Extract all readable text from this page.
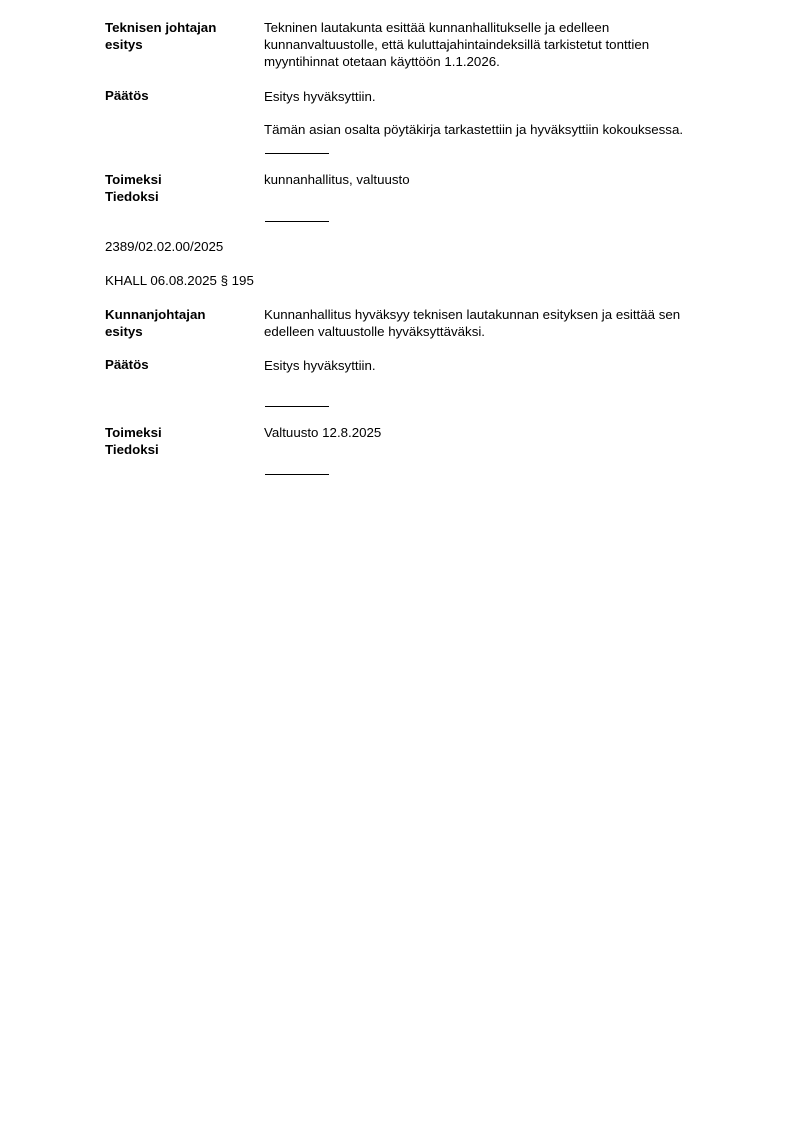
Teknisen johtajan
esitys
Tekninen lautakunta esittää kunnanhallitukselle ja edelleen
kunnanvaltuustolle, että kuluttajahintaindeksillä tarkistetut tonttien
myyntihinnat otetaan käyttöön 1.1.2026.
Päätös	Esitys hyväksyttiin.
Tämän asian osalta pöytäkirja tarkastettiin ja hyväksyttiin kokouksessa.
Toimeksi
Tiedoksi
kunnanhallitus, valtuusto
2389/02.02.00/2025
KHALL 06.08.2025 § 195
Kunnanjohtajan
esitys
Kunnanhallitus hyväksyy teknisen lautakunnan esityksen ja esittää sen
edelleen valtuustolle hyväksyttäväksi.
Päätös	Esitys hyväksyttiin.
Toimeksi
Tiedoksi
Valtuusto 12.8.2025
